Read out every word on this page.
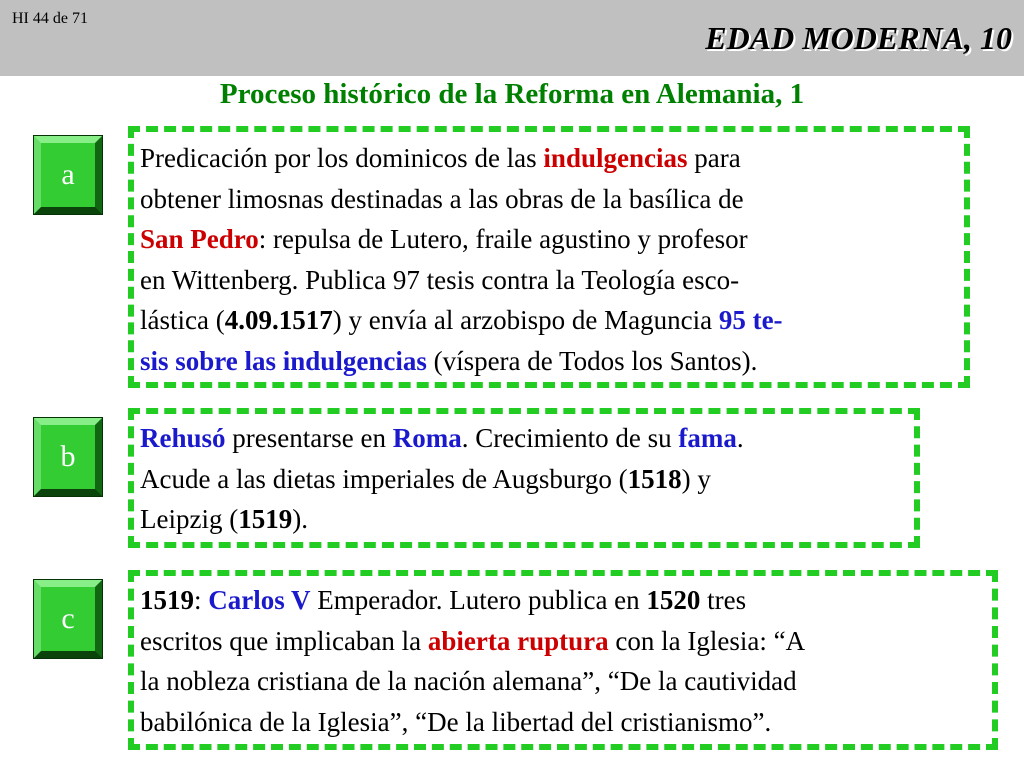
HI 44 de 71
EDAD MODERNA, 10
Proceso histórico de la Reforma en Alemania, 1
a Predicación por los dominicos de las indulgencias para
obtener limosnas destinadas a las obras de la basílica de
San Pedro: repulsa de Lutero, fraile agustino y profesor
en Wittenberg. Publica 97 tesis contra la Teología esco-
lástica (4.09.1517) y envía al arzobispo de Maguncia 95 te-
sis sobre las indulgencias (víspera de Todos los Santos).
b
Rehusó presentarse en Roma. Crecimiento de su fama.
Acude a las dietas imperiales de Augsburgo (1518) y
Leipzig (1519).
c
1519: Carlos V Emperador. Lutero publica en 1520 tres
escritos que implicaban la abierta ruptura con la Iglesia: “A
la nobleza cristiana de la nación alemana”, “De la cautividad
babilónica de la Iglesia”, “De la libertad del cristianismo”.
